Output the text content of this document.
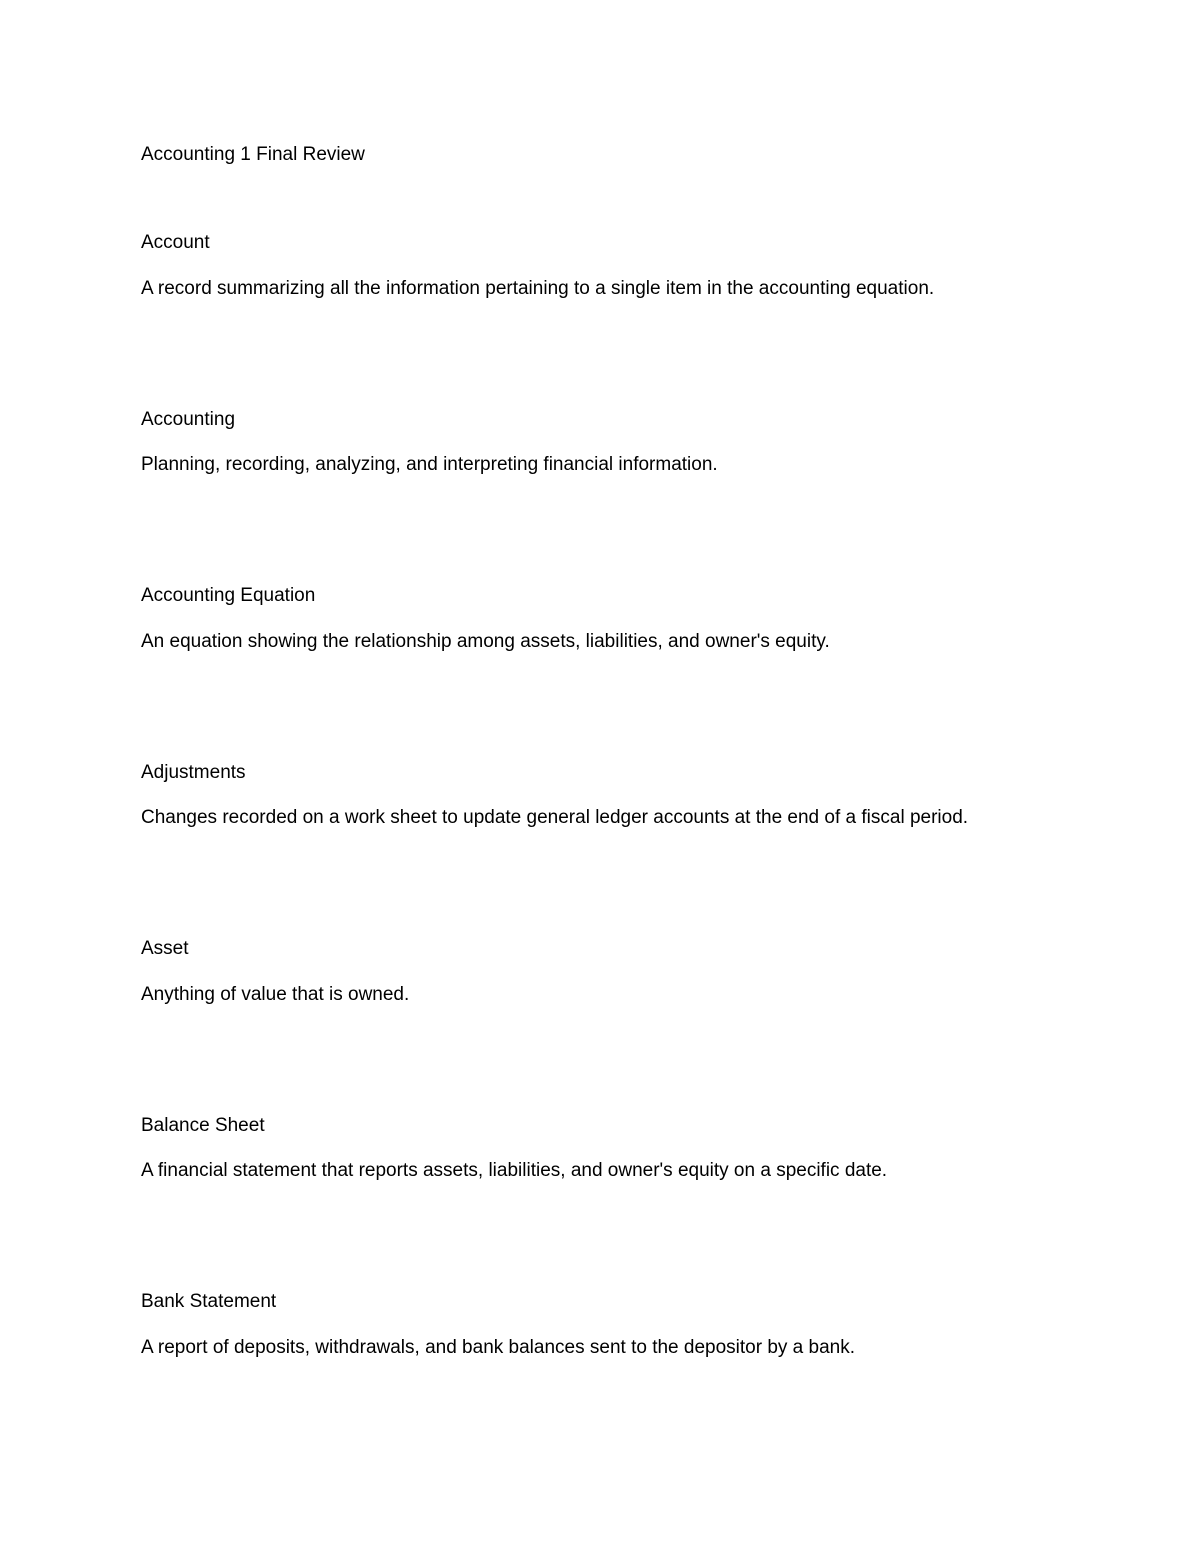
Accounting 1 Final Review
Account

A record summarizing all the information pertaining to a single item in the accounting equation.

Accounting

Planning, recording, analyzing, and interpreting financial information.

Accounting Equation

An equation showing the relationship among assets, liabilities, and owner's equity.

Adjustments

Changes recorded on a work sheet to update general ledger accounts at the end of a fiscal period.

Asset

Anything of value that is owned.

Balance Sheet

A financial statement that reports assets, liabilities, and owner's equity on a specific date.

Bank Statement

A report of deposits, withdrawals, and bank balances sent to the depositor by a bank.
